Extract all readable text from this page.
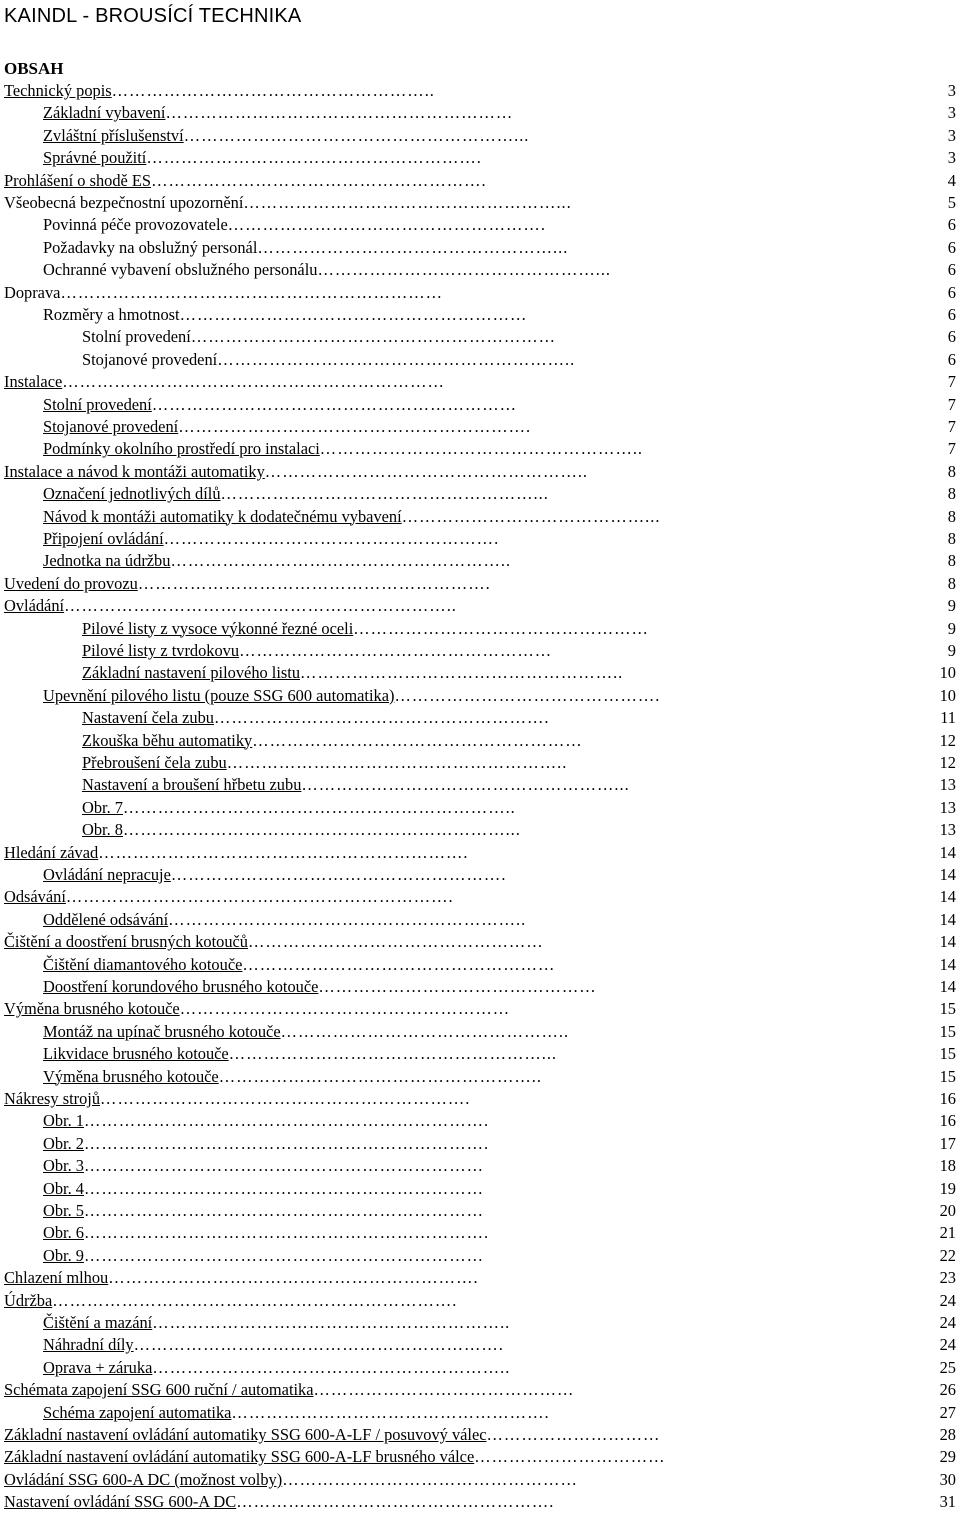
KAINDL - BROUSÍCÍ TECHNIKA
OBSAH
Technický popis………………………………………………..	3
Základní vybavení……………………………………………………	3
Zvláštní příslušenství…………………………………………………...	3
Správné použití………………………………………………….	3
Prohlášení o shodě ES………………………………………………….	4
Všeobecná bezpečnostní upozornění………………………………………………...	5
Povinná péče provozovatele……………………………………………….	6
Požadavky na obslužný personál……………………………………………...	6
Ochranné vybavení obslužného personálu…………………………………………...	6
Doprava…………………………………………………………	6
Rozměry a hmotnost……………………………………………………	6
Stolní provedení………………………………………………………	6
Stojanové provedení……………………………………………………..	6
Instalace…………………………………………………………	7
Stolní provedení………………………………………………………	7
Stojanové provedení…………………………………………………….	7
Podmínky okolního prostředí pro instalaci………………………………………………..	7
Instalace a návod k montáži automatiky………………………………………………..	8
Označení jednotlivých dílů………………………………………………...	8
Návod k montáži automatiky k dodatečnému vybavení……………………………………...	8
Připojení ovládání………………………………………………….	8
Jednotka na údržbu…………………………………………………..	8
Uvedení do provozu…………………………………………………….	8
Ovládání…………………………………………………………..	9
Pilové listy z vysoce výkonné řezné oceli……………………………………………	9
Pilové listy z tvrdokovu………………………………………………	9
Základní nastavení pilového listu………………………………………………..	10
Upevnění pilového listu (pouze SSG 600 automatika)……………………………………….	10
Nastavení čela zubu………………………………………………….	11
Zkouška běhu automatiky…………………………………………………	12
Přebroušení čela zubu…………………………………………………..	12
Nastavení a broušení hřbetu zubu………………………………………………...	13
Obr. 7…………………………………………………………..	13
Obr. 8…………………………………………………………...	13
Hledání závad……………………………………………………….	14
Ovládání nepracuje………………………………………………….	14
Odsávání………………………………………………………….	14
Oddělené odsávání……………………………………………………..	14
Čištění a doostření brusných kotoučů……………………………………………	14
Čištění diamantového kotouče………………………………………………	14
Doostření korundového brusného kotouče…………………………………………	14
Výměna brusného kotouče…………………………………………………	15
Montáž na upínač brusného kotouče…………………………………………..	15
Likvidace brusného kotouče………………………………………………...	15
Výměna brusného kotouče………………………………………………..	15
Nákresy strojů……………………………………………………….	16
Obr. 1…………………………………………………………….	16
Obr. 2…………………………………………………………….	17
Obr. 3……………………………………………………………	18
Obr. 4……………………………………………………………	19
Obr. 5……………………………………………………………	20
Obr. 6…………………………………………………………….	21
Obr. 9……………………………………………………………	22
Chlazení mlhou……………………………………………………….	23
Údržba…………………………………………………………….	24
Čištění a mazání……………………………………………………..	24
Náhradní díly……………………………………………………….	24
Oprava + záruka……………………………………………………..	25
Schémata zapojení SSG 600 ruční / automatika………………………………………	26
Schéma zapojení automatika……………………………………………….	27
Základní nastavení ovládání automatiky SSG 600-A-LF / posuvový válec…………………………	28
Základní nastavení ovládání automatiky SSG 600-A-LF brusného válce……………………………	29
Ovládání SSG 600-A DC (možnost volby)……………………………………………	30
Nastavení ovládání SSG 600-A DC……………………………………………….	31
